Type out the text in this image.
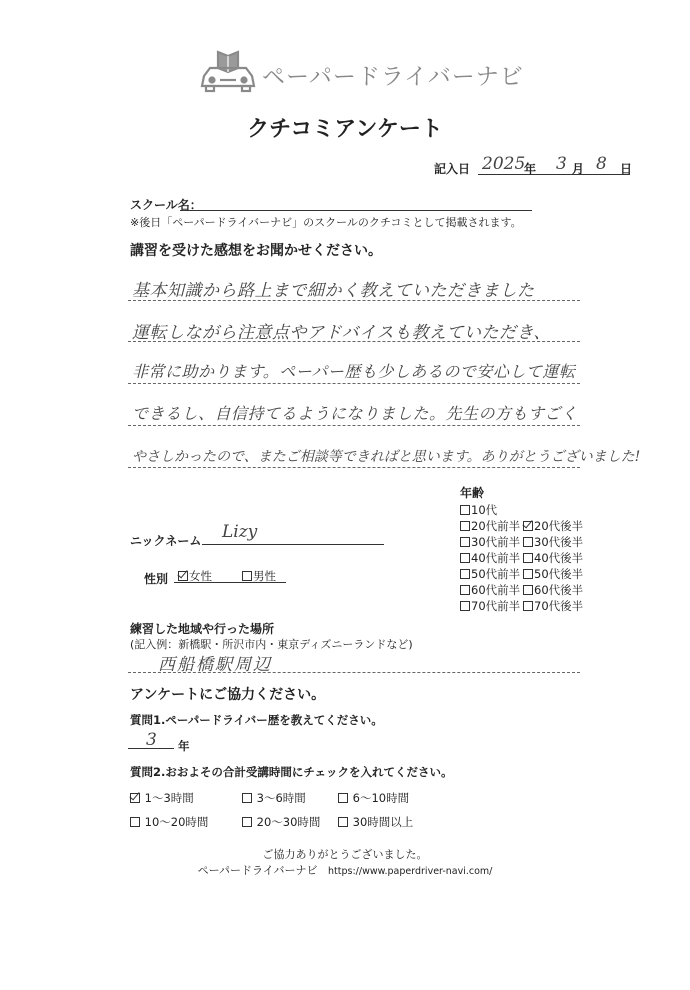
ペーパードライバーナビ
クチコミアンケート
記入日 2025
年 3 月 8 日
スクール名：
※後日「ペーパードライバーナビ」のスクールのクチコミとして掲載されます。
講習を受けた感想をお聞かせください。
基本知識から路上まで細かく教えていただきました
運転しながら注意点やアドバイスも教えていただき、
非常に助かります。ペーパー歴も少しあるので安心して運転
できるし、自信持てるようになりました。先生の方もすごく
やさしかったので、またご相談等できればと思います。ありがとうございました!
年齢
10代
20代前半	20代後半
30代前半	30代後半
40代前半	40代後半
50代前半	50代後半
60代前半	60代後半
70代前半	70代後半
ニックネーム Lizy
性別	女性	男性
練習した地域や行った場所
(記入例：新橋駅・所沢市内・東京ディズニーランドなど)
西船橋駅周辺
アンケートにご協力ください。
質問1.ペーパードライバー歴を教えてください。
3 年
質問2.おおよその合計受講時間にチェックを入れてください。
1〜3時間	3〜6時間	6〜10時間
10〜20時間	20〜30時間	30時間以上
ご協力ありがとうございました。
ペーパードライバーナビ https://www.paperdriver-navi.com/
